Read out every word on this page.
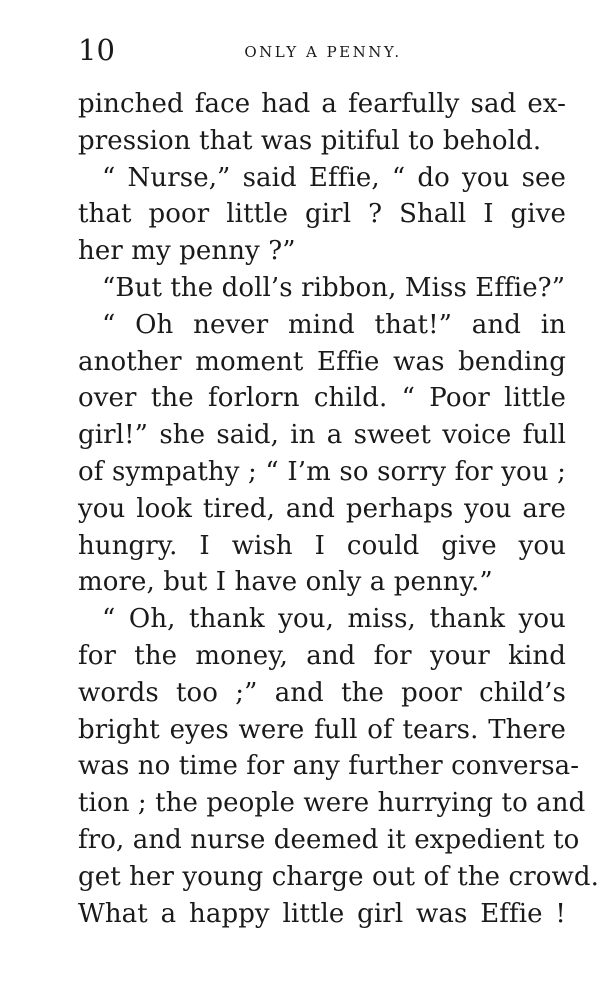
10	ONLY A PENNY.
pinched face had a fearfully sad ex-
pression that was pitiful to behold.
“ Nurse,” said Effie, “ do you see
that poor little girl ? Shall I give
her my penny ?”
“But the doll’s ribbon, Miss Effie?”
“ Oh never mind that!” and in
another moment Effie was bending
over the forlorn child. “ Poor little
girl!” she said, in a sweet voice full
of sympathy ; “ I’m so sorry for you ;
you look tired, and perhaps you are
hungry. I wish I could give you
more, but I have only a penny.”
“ Oh, thank you, miss, thank you
for the money, and for your kind
words too ;” and the poor child’s
bright eyes were full of tears. There
was no time for any further conversa-
tion ; the people were hurrying to and
fro, and nurse deemed it expedient to
get her young charge out of the crowd.
What a happy little girl was Effie !
